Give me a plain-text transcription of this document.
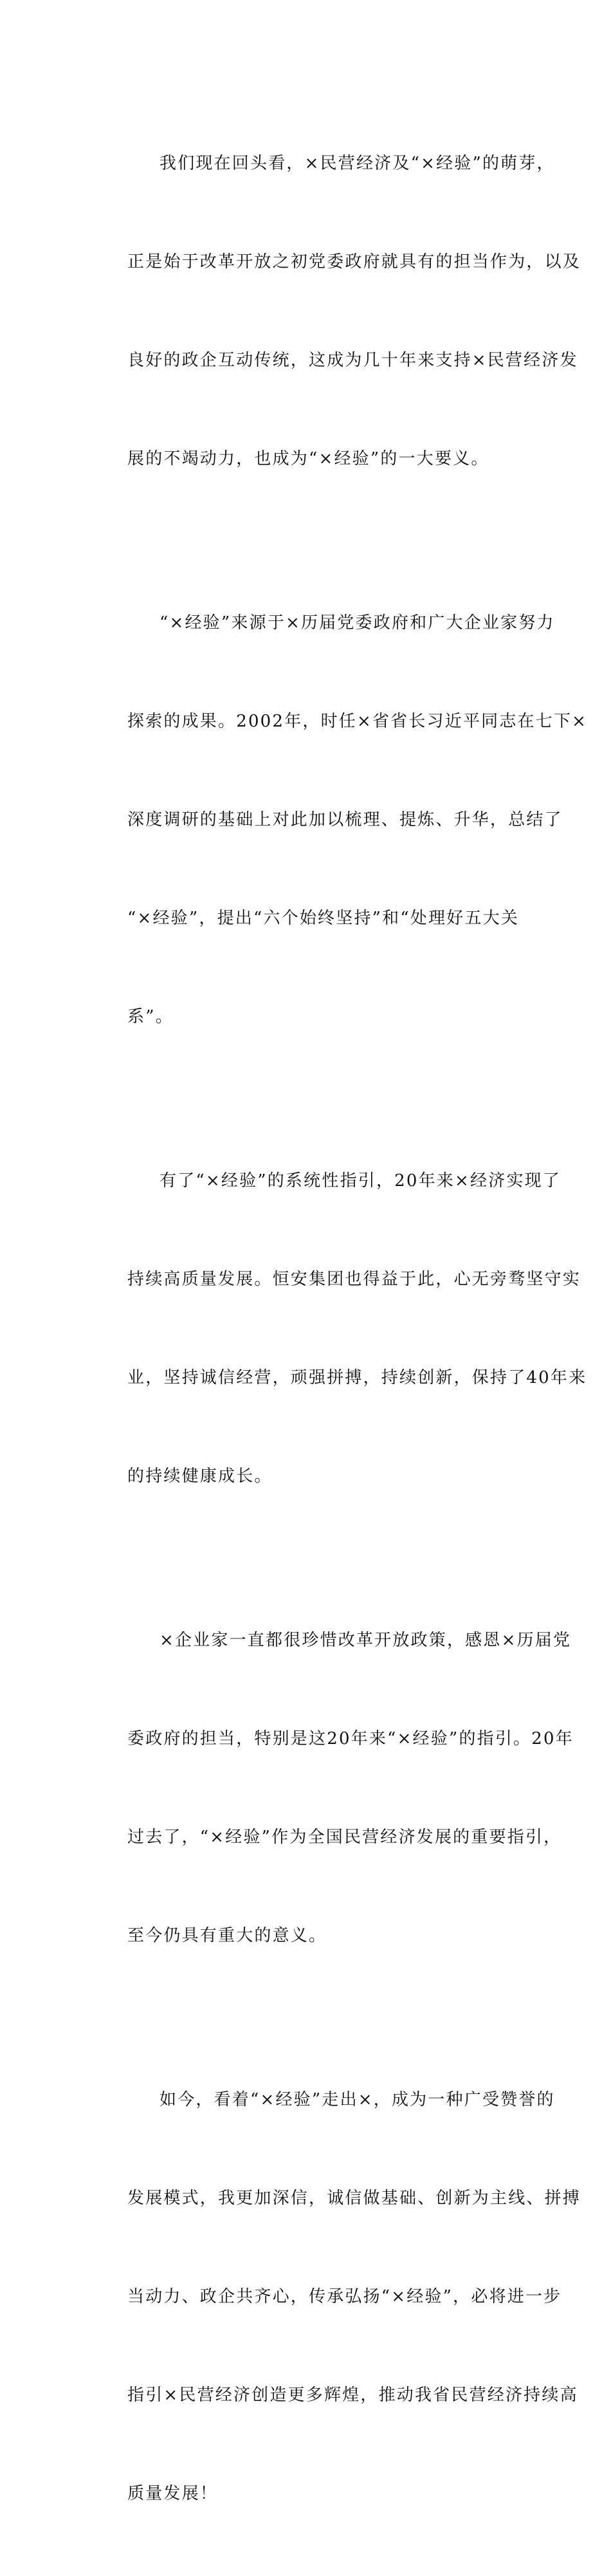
我们现在回头看，×民营经济及“×经验”的萌芽，

正是始于改革开放之初党委政府就具有的担当作为，以及

良好的政企互动传统，这成为几十年来支持×民营经济发

展的不竭动力，也成为“×经验”的一大要义。

“×经验”来源于×历届党委政府和广大企业家努力

探索的成果。2002年，时任×省省长习近平同志在七下×

深度调研的基础上对此加以梳理、提炼、升华，总结了

“×经验”，提出“六个始终坚持”和“处理好五大关

系”。

有了“×经验”的系统性指引，20年来×经济实现了

持续高质量发展。恒安集团也得益于此，心无旁骛坚守实

业，坚持诚信经营，顽强拼搏，持续创新，保持了40年来

的持续健康成长。

×企业家一直都很珍惜改革开放政策，感恩×历届党

委政府的担当，特别是这20年来“×经验”的指引。20年

过去了，“×经验”作为全国民营经济发展的重要指引，

至今仍具有重大的意义。

如今，看着“×经验”走出×，成为一种广受赞誉的

发展模式，我更加深信，诚信做基础、创新为主线、拼搏

当动力、政企共齐心，传承弘扬“×经验”，必将进一步

指引×民营经济创造更多辉煌，推动我省民营经济持续高

质量发展！
